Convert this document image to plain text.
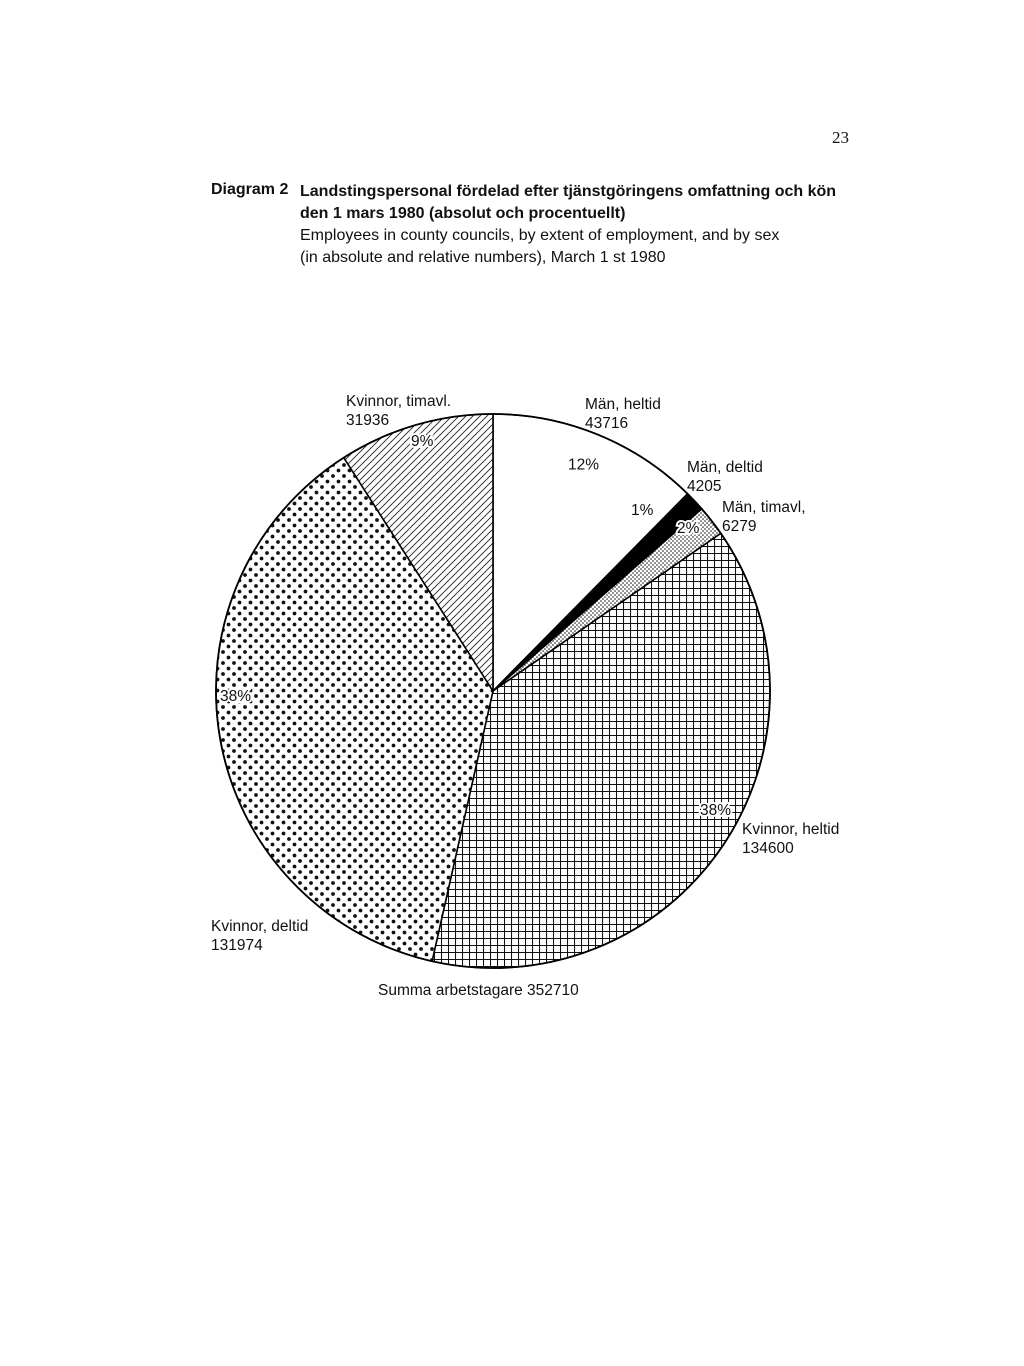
23
Diagram 2 Landstingspersonal fördelad efter tjänstgöringens omfattning och kön
den 1 mars 1980 (absolut och procentuellt)
Employees in county councils, by extent of employment, and by sex
(in absolute and relative numbers), March 1 st 1980
12%
Män, heltid
43716
1%
Män, deltid
4205
2%
Män, timavl,
6279
38%
Kvinnor, heltid
134600
38%
Kvinnor, deltid
131974
9%
Kvinnor, timavl.
31936
Summa arbetstagare 352710
